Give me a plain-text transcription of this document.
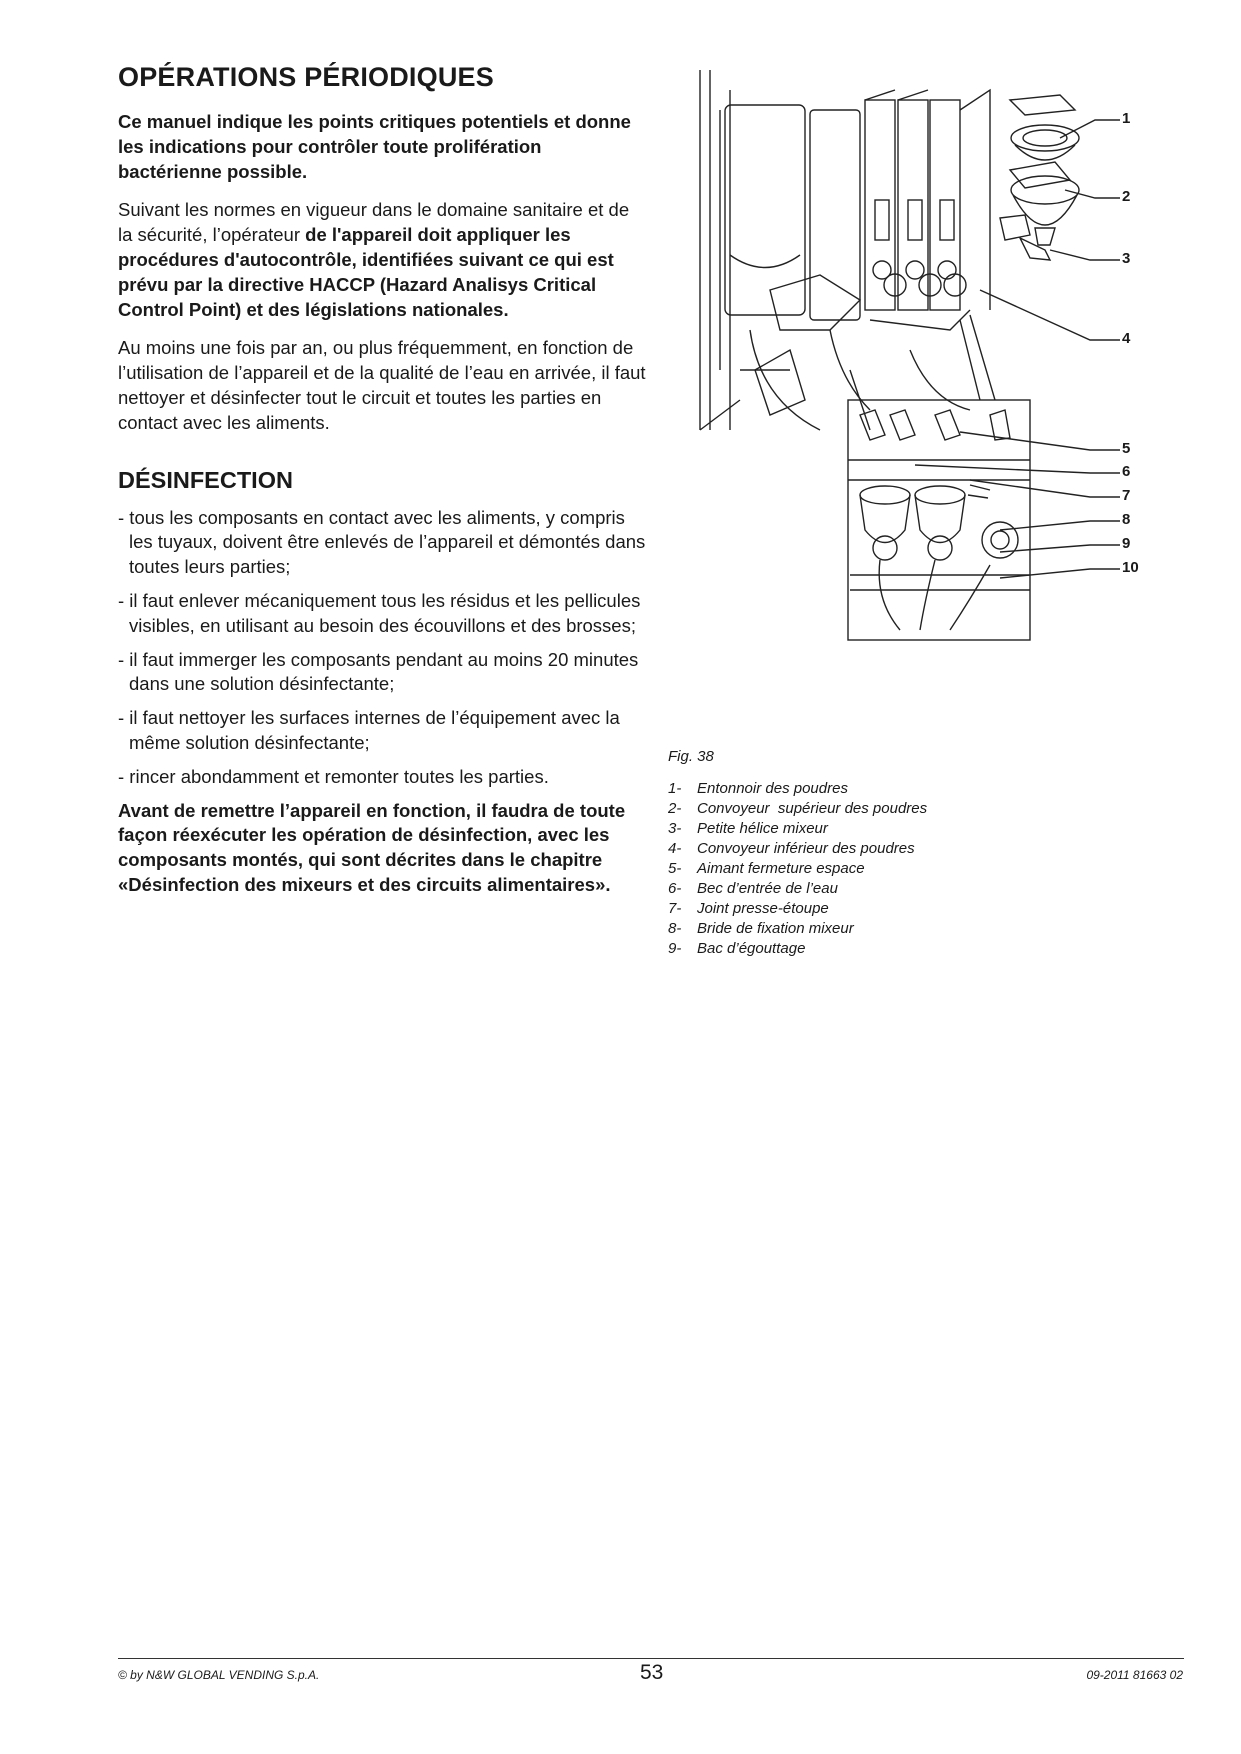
OPÉRATIONS PÉRIODIQUES

Ce manuel indique les points critiques potentiels et donne les indications pour contrôler toute prolifération bactérienne possible.

Suivant les normes en vigueur dans le domaine sanitaire et de la sécurité, l’opérateur de l'appareil doit appliquer les procédures d'autocontrôle, identifiées suivant ce qui est prévu par la directive HACCP (Hazard Analisys Critical Control Point) et des législations nationales.

Au moins une fois par an, ou plus fréquemment, en fonction de l’utilisation de l’appareil et de la qualité de l’eau en arrivée, il faut nettoyer et désinfecter tout le circuit et toutes les parties en contact avec les aliments.

DÉSINFECTION
- tous les composants en contact avec les aliments, y compris les tuyaux, doivent être enlevés de l’appareil et démontés dans toutes leurs parties;
- il faut enlever mécaniquement tous les résidus et les pellicules visibles, en utilisant au besoin des écouvillons et des brosses;
- il faut immerger les composants pendant au moins 20 minutes dans une solution désinfectante;
- il faut nettoyer les surfaces internes de l’équipement avec la même solution désinfectante;
- rincer abondamment et remonter toutes les parties.
Avant de remettre l’appareil en fonction, il faudra de toute façon réexécuter les opération de désinfection, avec les composants montés, qui sont décrites dans le chapitre «Désinfection des mixeurs et des circuits alimentaires».
1
2
3
4
5
6
7
8
9
10
Fig. 38
1-	Entonnoir des poudres
2-	Convoyeur  supérieur des poudres
3-	Petite hélice mixeur
4-	Convoyeur inférieur des poudres
5-	Aimant fermeture espace
6-	Bec d’entrée de l’eau
7-	Joint presse-étoupe
8-	Bride de fixation mixeur
9-	Bac d’égouttage
© by N&W GLOBAL VENDING S.p.A.	53	09-2011 81663 02
